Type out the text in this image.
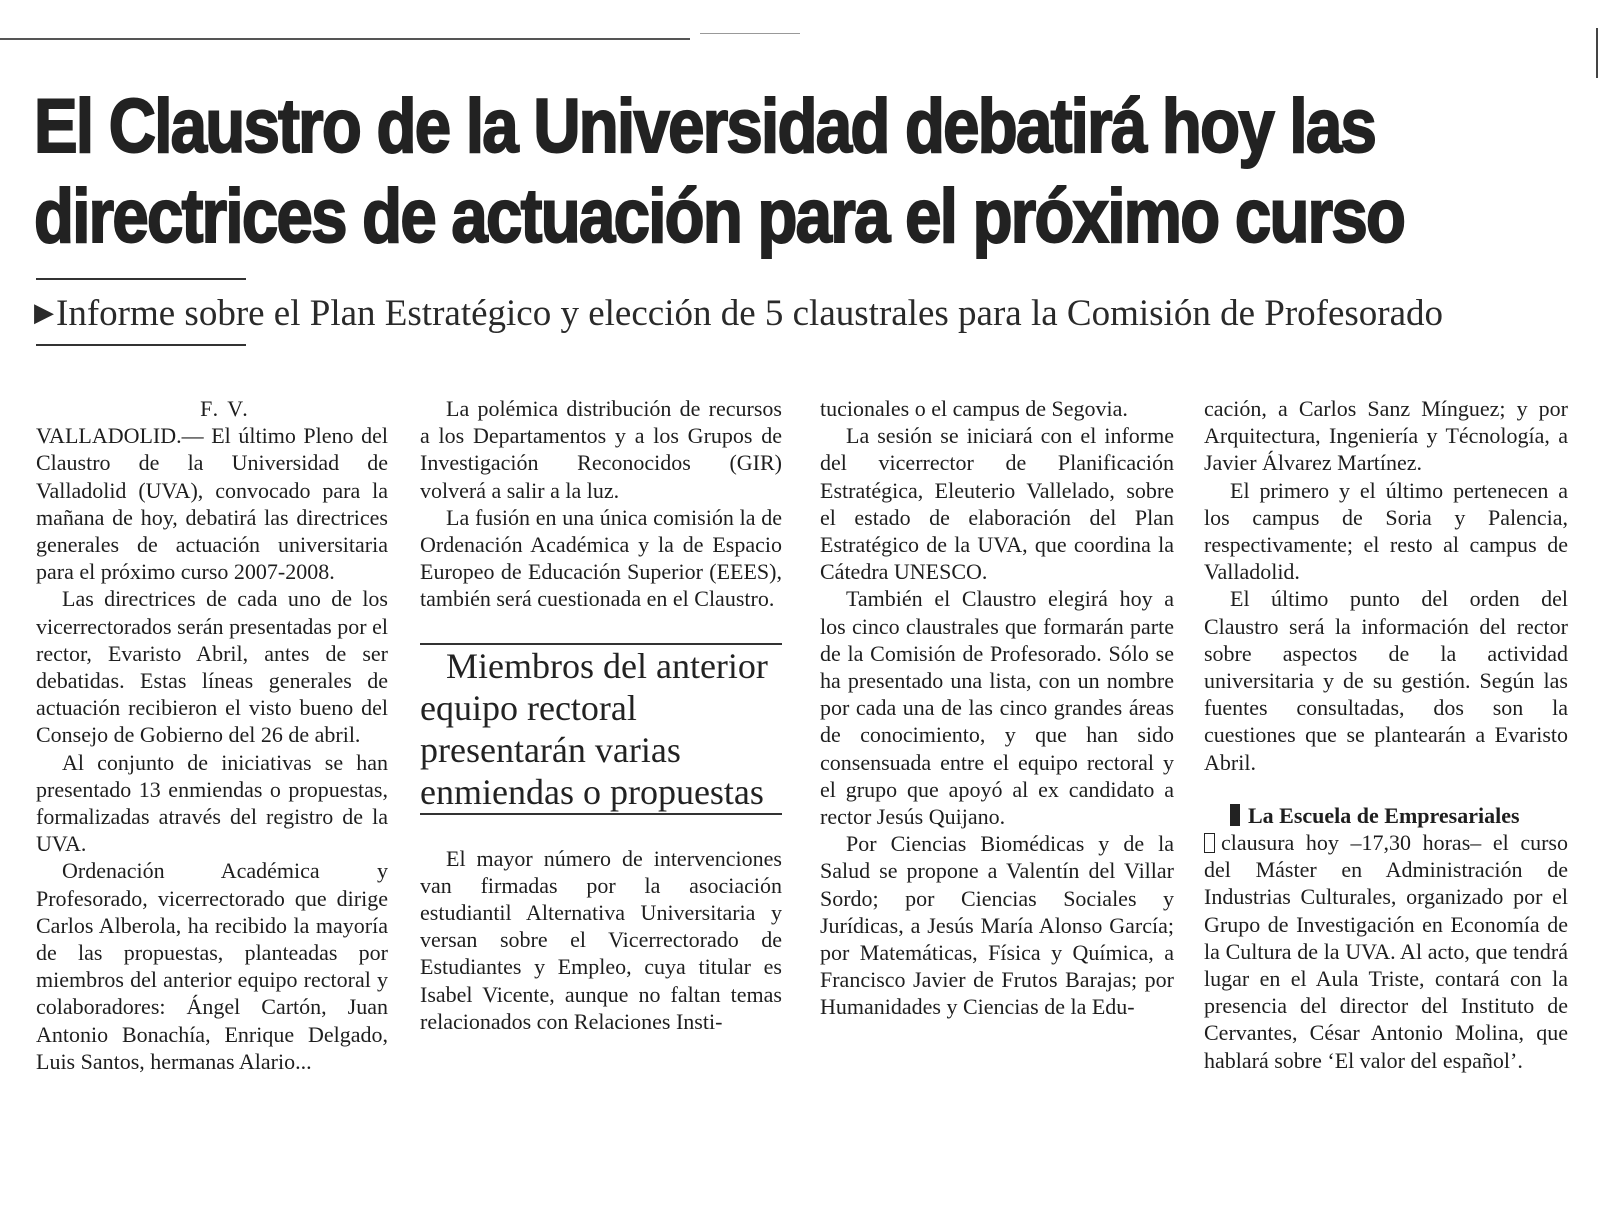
El Claustro de la Universidad debatirá hoy las
directrices de actuación para el próximo curso
▶Informe sobre el Plan Estratégico y elección de 5 claustrales para la Comisión de Profesorado

F. V.

VALLADOLID.— El último Pleno del Claustro de la Universidad de Valladolid (UVA), convocado para la mañana de hoy, debatirá las directrices generales de actuación universitaria para el próximo curso 2007-2008.

Las directrices de cada uno de los vicerrectorados serán presentadas por el rector, Evaristo Abril, antes de ser debatidas. Estas líneas generales de actuación recibieron el visto bueno del Consejo de Gobierno del 26 de abril.

Al conjunto de iniciativas se han presentado 13 enmiendas o propuestas, formalizadas através del registro de la UVA.

Ordenación Académica y Profesorado, vicerrectorado que dirige Carlos Alberola, ha recibido la mayoría de las propuestas, planteadas por miembros del anterior equipo rectoral y colaboradores: Ángel Cartón, Juan Antonio Bonachía, Enrique Delgado, Luis Santos, hermanas Alario...

La polémica distribución de recursos a los Departamentos y a los Grupos de Investigación Reconocidos (GIR) volverá a salir a la luz.

La fusión en una única comisión la de Ordenación Académica y la de Espacio Europeo de Educación Superior (EEES), también será cuestionada en el Claustro.

Miembros del anterior equipo rectoral presentarán varias enmiendas o propuestas

El mayor número de intervenciones van firmadas por la asociación estudiantil Alternativa Universitaria y versan sobre el Vicerrectorado de Estudiantes y Empleo, cuya titular es Isabel Vicente, aunque no faltan temas relacionados con Relaciones Insti-

tucionales o el campus de Segovia.

La sesión se iniciará con el informe del vicerrector de Planificación Estratégica, Eleuterio Vallelado, sobre el estado de elaboración del Plan Estratégico de la UVA, que coordina la Cátedra UNESCO.

También el Claustro elegirá hoy a los cinco claustrales que formarán parte de la Comisión de Profesorado. Sólo se ha presentado una lista, con un nombre por cada una de las cinco grandes áreas de conocimiento, y que han sido consensuada entre el equipo rectoral y el grupo que apoyó al ex candidato a rector Jesús Quijano.

Por Ciencias Biomédicas y de la Salud se propone a Valentín del Villar Sordo; por Ciencias Sociales y Jurídicas, a Jesús María Alonso García; por Matemáticas, Física y Química, a Francisco Javier de Frutos Barajas; por Humanidades y Ciencias de la Edu-

cación, a Carlos Sanz Mínguez; y por Arquitectura, Ingeniería y Técnología, a Javier Álvarez Martínez.

El primero y el último pertenecen a los campus de Soria y Palencia, respectivamente; el resto al campus de Valladolid.

El último punto del orden del Claustro será la información del rector sobre aspectos de la actividad universitaria y de su gestión. Según las fuentes consultadas, dos son la cuestiones que se plantearán a Evaristo Abril.

La Escuela de Empresariales

clausura hoy –17,30 horas– el curso del Máster en Administración de Industrias Culturales, organizado por el Grupo de Investigación en Economía de la Cultura de la UVA. Al acto, que tendrá lugar en el Aula Triste, contará con la presencia del director del Instituto de Cervantes, César Antonio Molina, que hablará sobre ‘El valor del español’.
